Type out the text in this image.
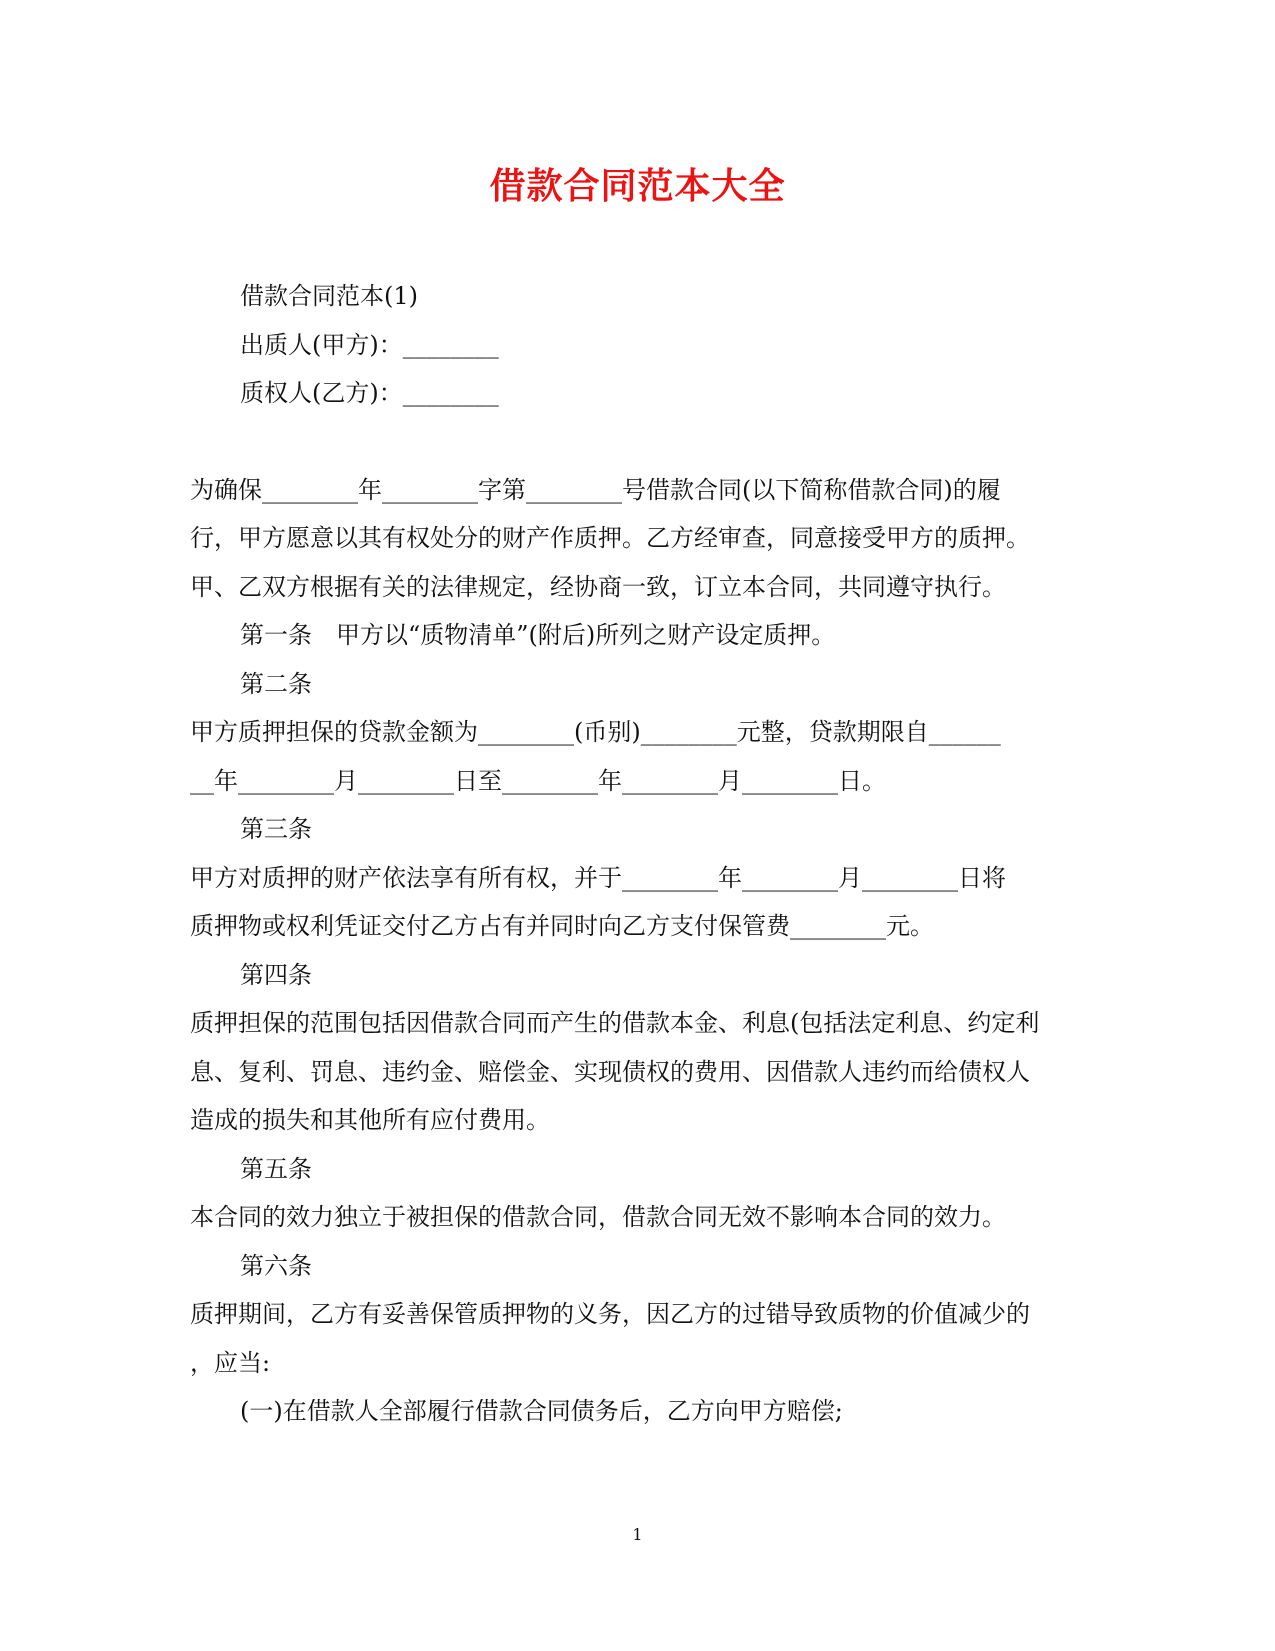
借款合同范本大全
借款合同范本(1)
出质人(甲方)：________
质权人(乙方)：________
为确保________年________字第________号借款合同(以下简称借款合同)的履
行，甲方愿意以其有权处分的财产作质押。乙方经审查，同意接受甲方的质押。
甲、乙双方根据有关的法律规定，经协商一致，订立本合同，共同遵守执行。
第一条　甲方以“质物清单”(附后)所列之财产设定质押。
第二条
甲方质押担保的贷款金额为________(币别)________元整，贷款期限自______
__年________月________日至________年________月________日。
第三条
甲方对质押的财产依法享有所有权，并于________年________月________日将
质押物或权利凭证交付乙方占有并同时向乙方支付保管费________元。
第四条
质押担保的范围包括因借款合同而产生的借款本金、利息(包括法定利息、约定利
息、复利、罚息、违约金、赔偿金、实现债权的费用、因借款人违约而给债权人
造成的损失和其他所有应付费用。
第五条
本合同的效力独立于被担保的借款合同，借款合同无效不影响本合同的效力。
第六条
质押期间，乙方有妥善保管质押物的义务，因乙方的过错导致质物的价值减少的
，应当:
(一)在借款人全部履行借款合同债务后，乙方向甲方赔偿;
1
